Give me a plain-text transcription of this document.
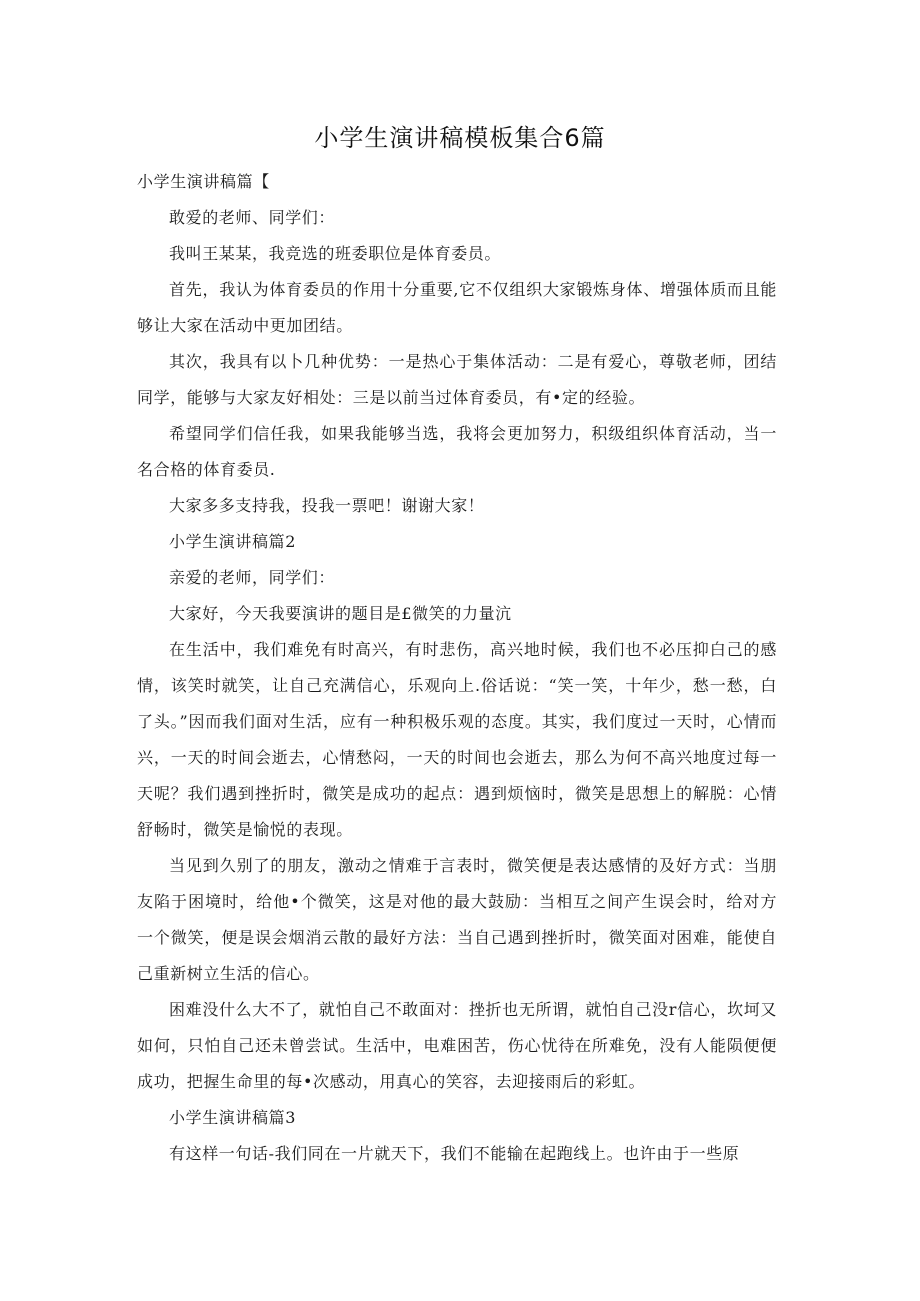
小学生演讲稿模板集合6篇

小学生演讲稿篇【

敢爱的老师、同学们：

我叫王某某，我竞选的班委职位是体育委员。

首先，我认为体育委员的作用十分重要,它不仅组织大家锻炼身体、增强体质而且能够让大家在活动中更加团结。

其次，我具有以卜几种优势：一是热心于集体活动：二是有爱心，尊敬老师，团结同学，能够与大家友好相处：三是以前当过体育委员，有•定的经验。

希望同学们信任我，如果我能够当选，我将会更加努力，积级组织体育活动，当一名合格的体育委员.

大家多多支持我，投我一票吧！谢谢大家！

小学生演讲稿篇2

亲爱的老师，同学们：

大家好，今天我要演讲的题目是£微笑的力量沆

在生活中，我们难免有时高兴，有时悲伤，高兴地时候，我们也不必压抑白己的感情，该笑时就笑，让自己充满信心，乐观向上.俗话说：“笑一笑，十年少，愁一愁，白了头。”因而我们面对生活，应有一种积极乐观的态度。其实，我们度过一天时，心情而兴，一天的时间会逝去，心情愁闷，一天的时间也会逝去，那么为何不高兴地度过每一天呢？我们遇到挫折时，微笑是成功的起点：遇到烦恼时，微笑是思想上的解脱：心情舒畅时，微笑是愉悦的表现。

当见到久别了的朋友，激动之情难于言表时，微笑便是表达感情的及好方式：当朋友陷于困境时，给他•个微笑，这是对他的最大鼓励：当相互之间产生误会时，给对方一个微笑，便是误会烟消云散的最好方法：当自己遇到挫折时，微笑面对困难，能使自己重新树立生活的信心。

困难没什么大不了，就怕自己不敢面对：挫折也无所谓，就怕自己没r信心，坎坷又如何，只怕自己还未曾尝试。生活中，电难困苦，伤心忧待在所难免，没有人能陨便便成功，把握生命里的每•次感动，用真心的笑容，去迎接雨后的彩虹。

小学生演讲稿篇3

有这样一句话-我们同在一片就天下，我们不能输在起跑线上。也许由于一些原
